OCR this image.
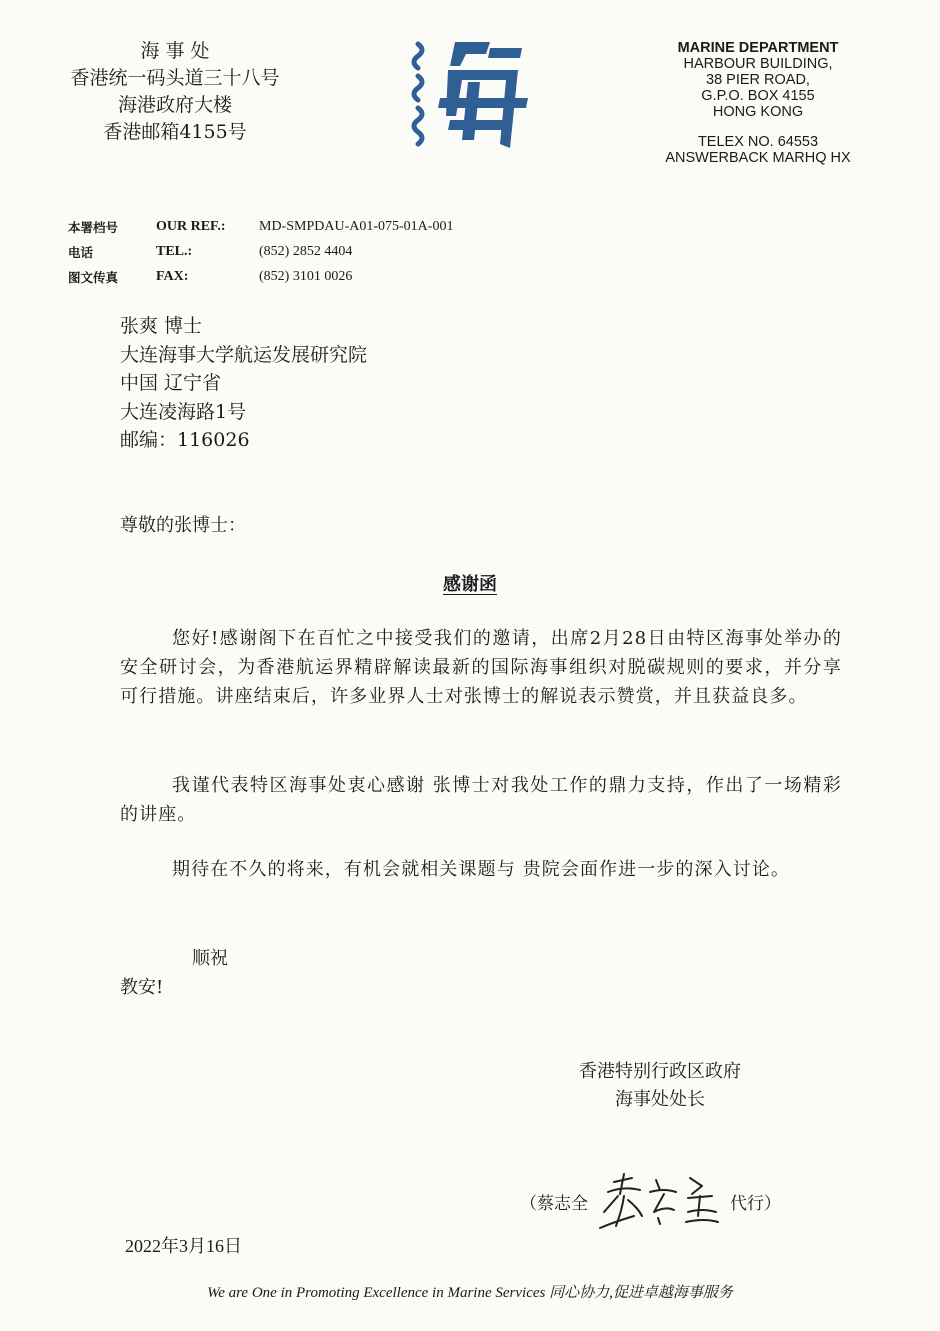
海 事 处
香港统一码头道三十八号
海港政府大楼
香港邮箱4155号
MARINE DEPARTMENT
HARBOUR BUILDING,
38 PIER ROAD,
G.P.O. BOX 4155
HONG KONG
TELEX NO. 64553
ANSWERBACK MARHQ HX
本署档号	OUR REF.:	MD-SMPDAU-A01-075-01A-001
电话	TEL.:	(852) 2852 4404
图文传真	FAX:	(852) 3101 0026
张爽 博士
大连海事大学航运发展研究院
中国 辽宁省
大连凌海路1号
邮编：116026
尊敬的张博士：
感谢函
您好!感谢阁下在百忙之中接受我们的邀请，出席2月28日由特区海事处举办的安全研讨会，为香港航运界精辟解读最新的国际海事组织对脱碳规则的要求，并分享可行措施。讲座结束后，许多业界人士对张博士的解说表示赞赏，并且获益良多。
我谨代表特区海事处衷心感谢 张博士对我处工作的鼎力支持，作出了一场精彩的讲座。
期待在不久的将来，有机会就相关课题与 贵院会面作进一步的深入讨论。
顺祝
教安!
香港特别行政区政府
海事处处长
（蔡志全	代行）
2022年3月16日
We are One in Promoting Excellence in Marine Services 同心协力,促进卓越海事服务
